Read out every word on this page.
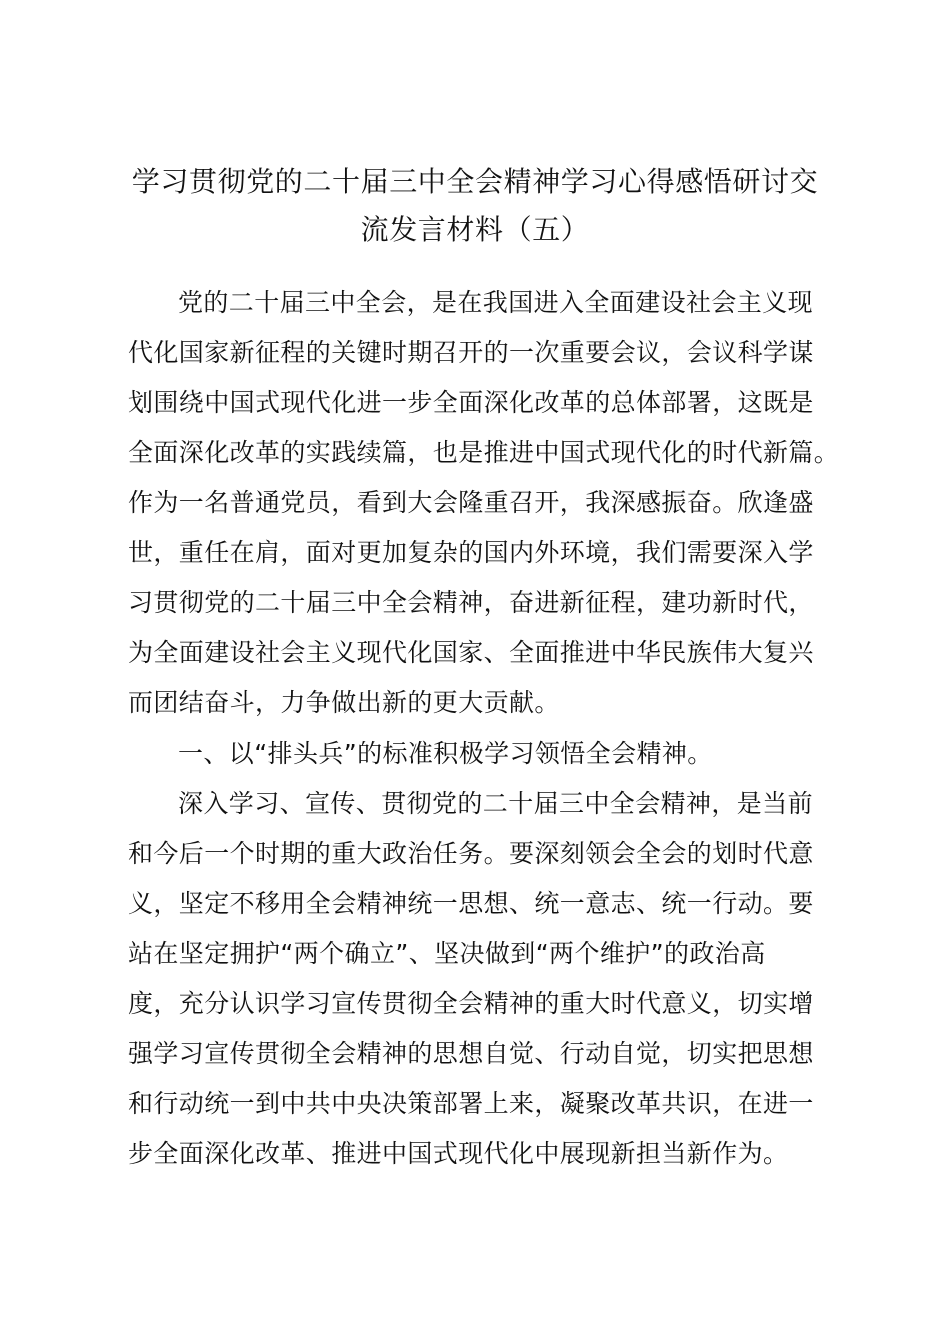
学习贯彻党的二十届三中全会精神学习心得感悟研讨交
流发言材料（五）
党的二十届三中全会，是在我国进入全面建设社会主义现
代化国家新征程的关键时期召开的一次重要会议，会议科学谋
划围绕中国式现代化进一步全面深化改革的总体部署，这既是
全面深化改革的实践续篇，也是推进中国式现代化的时代新篇。
作为一名普通党员，看到大会隆重召开，我深感振奋。欣逢盛
世，重任在肩，面对更加复杂的国内外环境，我们需要深入学
习贯彻党的二十届三中全会精神，奋进新征程，建功新时代，
为全面建设社会主义现代化国家、全面推进中华民族伟大复兴
而团结奋斗，力争做出新的更大贡献。
一、以“排头兵”的标准积极学习领悟全会精神。
深入学习、宣传、贯彻党的二十届三中全会精神，是当前
和今后一个时期的重大政治任务。要深刻领会全会的划时代意
义，坚定不移用全会精神统一思想、统一意志、统一行动。要
站在坚定拥护“两个确立”、坚决做到“两个维护”的政治高
度，充分认识学习宣传贯彻全会精神的重大时代意义，切实增
强学习宣传贯彻全会精神的思想自觉、行动自觉，切实把思想
和行动统一到中共中央决策部署上来，凝聚改革共识，在进一
步全面深化改革、推进中国式现代化中展现新担当新作为。
